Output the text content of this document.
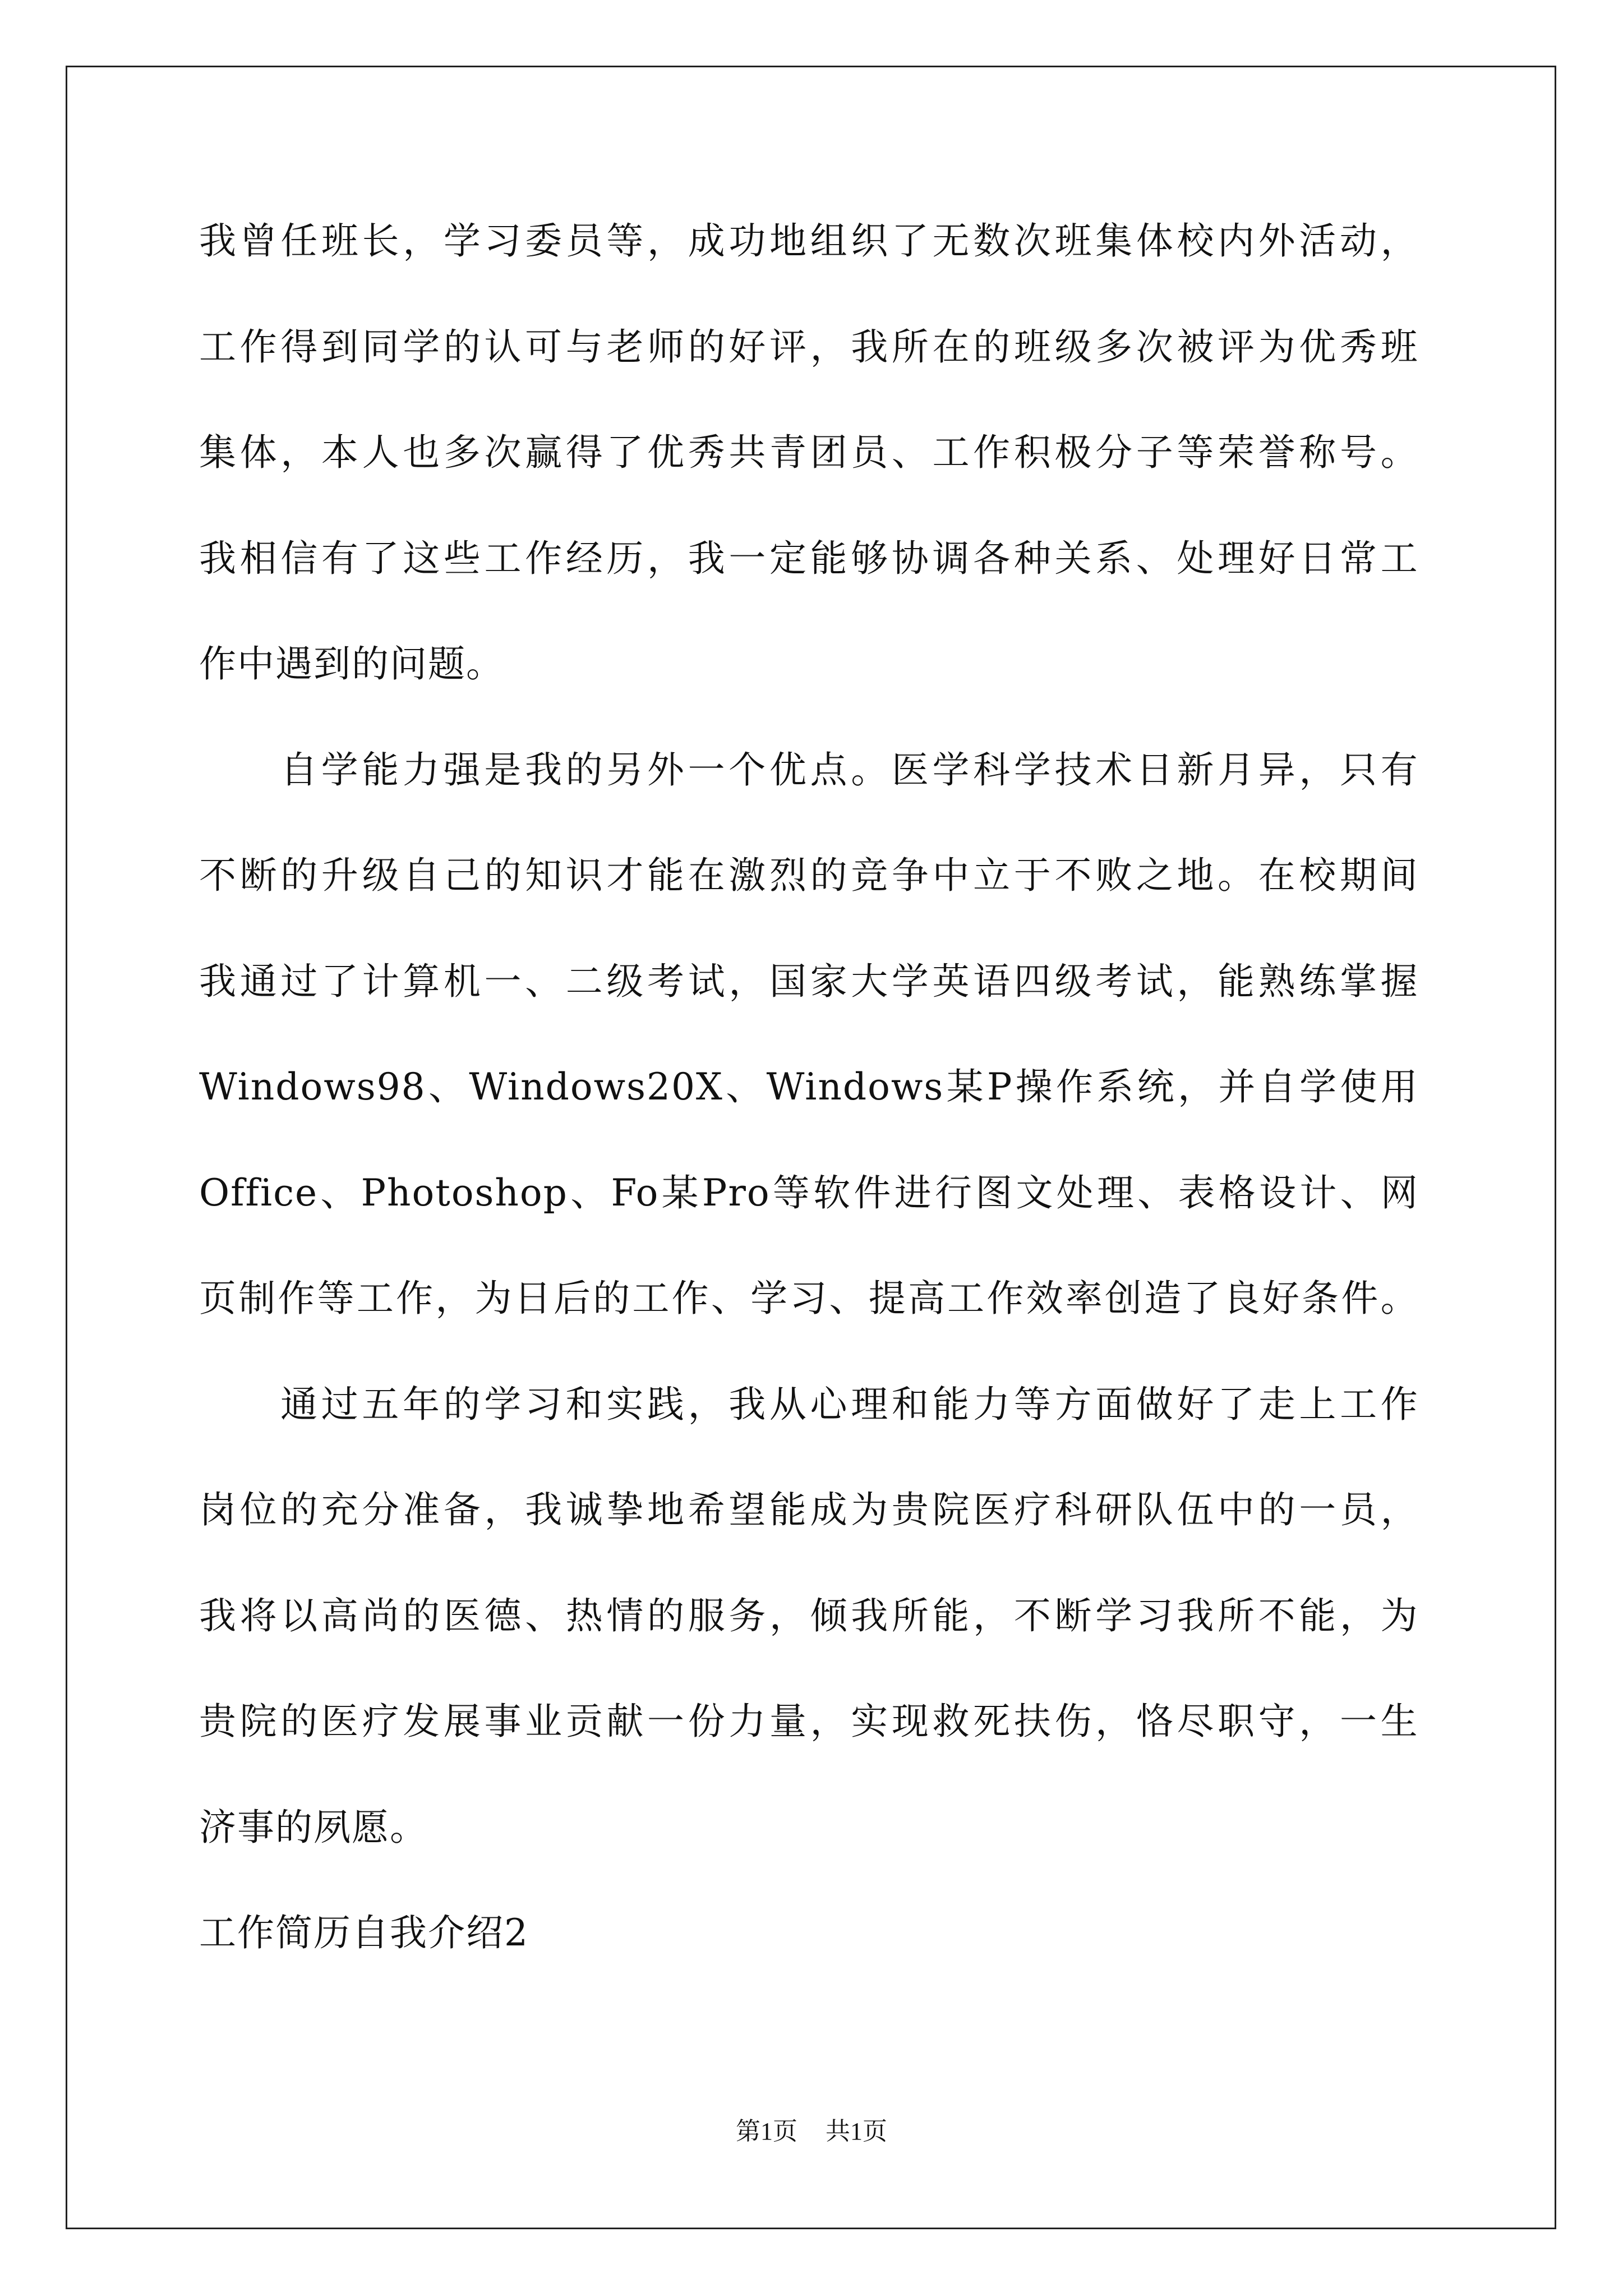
我 曾 任 班 长 ， 学 习 委 员 等 ， 成 功 地 组 织 了 无 数 次 班 集 体 校 内 外 活 动 ，
工 作 得 到 同 学 的 认 可 与 老 师 的 好 评 ， 我 所 在 的 班 级 多 次 被 评 为 优 秀 班
集 体 ， 本 人 也 多 次 赢 得 了 优 秀 共 青 团 员 、 工 作 积 极 分 子 等 荣 誉 称 号 。
我 相 信 有 了 这 些 工 作 经 历 ， 我 一 定 能 够 协 调 各 种 关 系 、 处 理 好 日 常 工
作中遇到的问题。
自 学 能 力 强 是 我 的 另 外 一 个 优 点 。 医 学 科 学 技 术 日 新 月 异 ， 只 有
不 断 的 升 级 自 己 的 知 识 才 能 在 激 烈 的 竞 争 中 立 于 不 败 之 地 。 在 校 期 间
我 通 过 了 计 算 机 一 、 二 级 考 试 ， 国 家 大 学 英 语 四 级 考 试 ， 能 熟 练 掌 握
Windows98 、 Windows20X 、 Windows 某 P 操 作 系 统 ， 并 自 学 使 用
Office 、 Photoshop 、 Fo 某 Pro 等 软 件 进 行 图 文 处 理 、 表 格 设 计 、 网
页 制 作 等 工 作 ， 为 日 后 的 工 作 、 学 习 、 提 高 工 作 效 率 创 造 了 良 好 条 件 。
通 过 五 年 的 学 习 和 实 践 ， 我 从 心 理 和 能 力 等 方 面 做 好 了 走 上 工 作
岗 位 的 充 分 准 备 ， 我 诚 挚 地 希 望 能 成 为 贵 院 医 疗 科 研 队 伍 中 的 一 员 ，
我 将 以 高 尚 的 医 德 、 热 情 的 服 务 ， 倾 我 所 能 ， 不 断 学 习 我 所 不 能 ， 为
贵 院 的 医 疗 发 展 事 业 贡 献 一 份 力 量 ， 实 现 救 死 扶 伤 ， 恪 尽 职 守 ， 一 生
济事的夙愿。
工作简历自我介绍2
第1页 共1页
